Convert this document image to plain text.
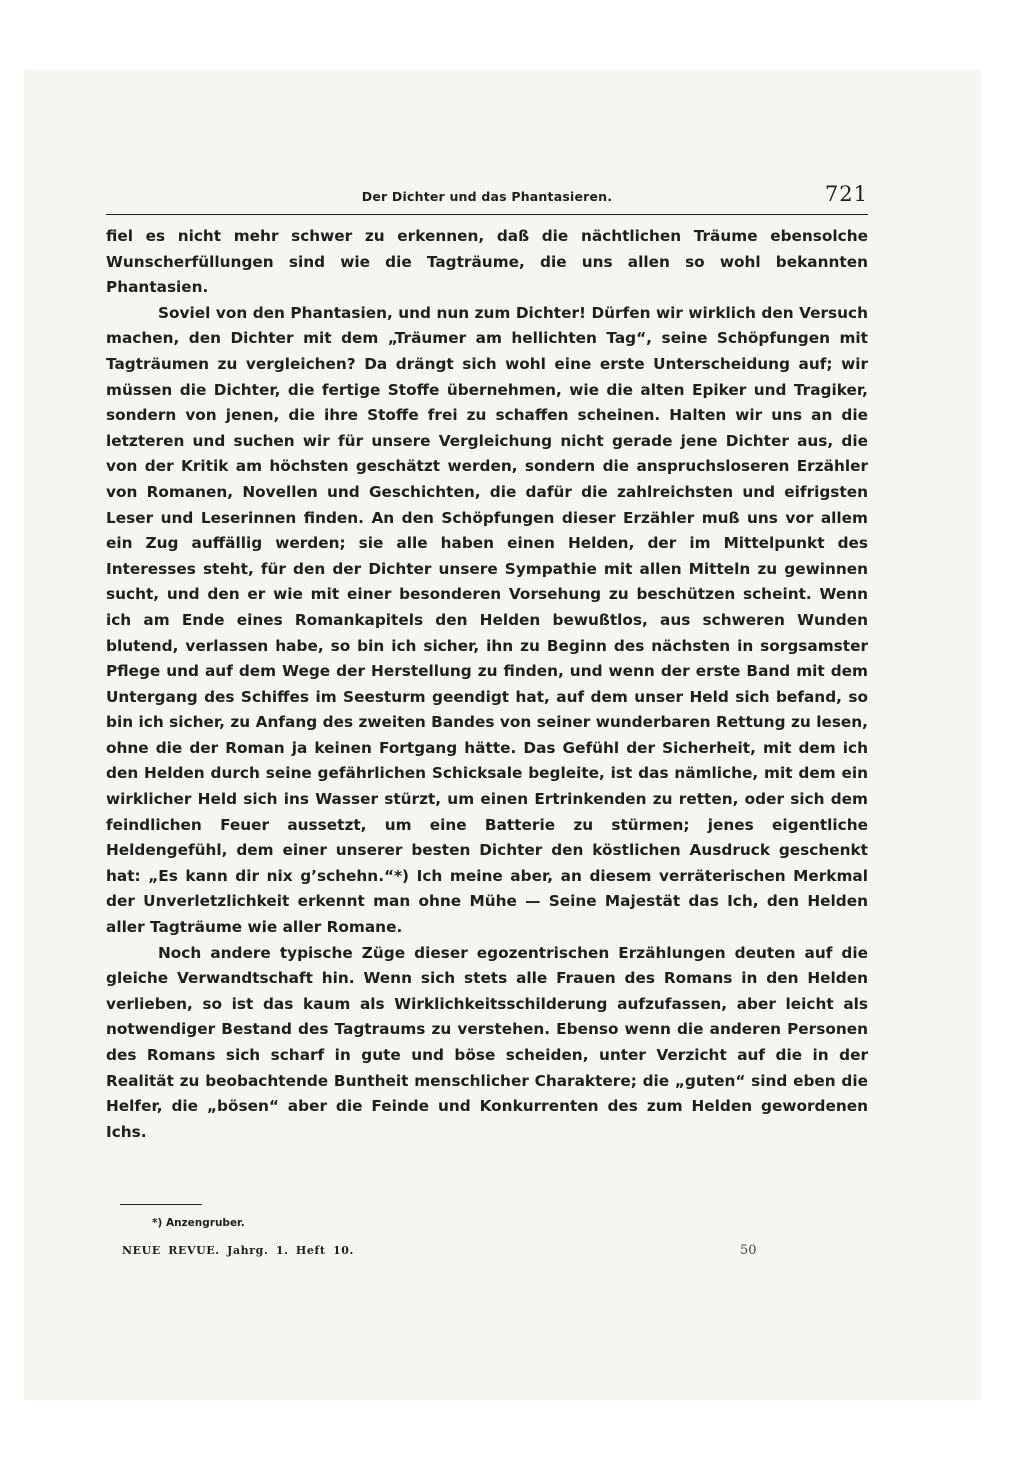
Der Dichter und das Phantasieren.	721

fiel es nicht mehr schwer zu erkennen, daß die nächtlichen Träume ebensolche Wunscherfüllungen sind wie die Tagträume, die uns allen so wohl bekannten Phantasien.

Soviel von den Phantasien, und nun zum Dichter! Dürfen wir wirklich den Versuch machen, den Dichter mit dem „Träumer am hellichten Tag“, seine Schöpfungen mit Tagträumen zu vergleichen? Da drängt sich wohl eine erste Unterscheidung auf; wir müssen die Dichter, die fertige Stoffe übernehmen, wie die alten Epiker und Tragiker, sondern von jenen, die ihre Stoffe frei zu schaffen scheinen. Halten wir uns an die letzteren und suchen wir für unsere Vergleichung nicht gerade jene Dichter aus, die von der Kritik am höchsten geschätzt werden, sondern die anspruchsloseren Erzähler von Romanen, Novellen und Geschichten, die dafür die zahlreichsten und eifrigsten Leser und Leserinnen finden. An den Schöpfungen dieser Erzähler muß uns vor allem ein Zug auffällig werden; sie alle haben einen Helden, der im Mittelpunkt des Interesses steht, für den der Dichter unsere Sympathie mit allen Mitteln zu gewinnen sucht, und den er wie mit einer besonderen Vorsehung zu beschützen scheint. Wenn ich am Ende eines Romankapitels den Helden bewußtlos, aus schweren Wunden blutend, verlassen habe, so bin ich sicher, ihn zu Beginn des nächsten in sorgsamster Pflege und auf dem Wege der Herstellung zu finden, und wenn der erste Band mit dem Untergang des Schiffes im Seesturm geendigt hat, auf dem unser Held sich befand, so bin ich sicher, zu Anfang des zweiten Bandes von seiner wunderbaren Rettung zu lesen, ohne die der Roman ja keinen Fortgang hätte. Das Gefühl der Sicherheit, mit dem ich den Helden durch seine gefährlichen Schicksale begleite, ist das nämliche, mit dem ein wirklicher Held sich ins Wasser stürzt, um einen Ertrinkenden zu retten, oder sich dem feindlichen Feuer aussetzt, um eine Batterie zu stürmen; jenes eigentliche Heldengefühl, dem einer unserer besten Dichter den köstlichen Ausdruck geschenkt hat: „Es kann dir nix g’schehn.“*) Ich meine aber, an diesem verräterischen Merkmal der Unverletzlichkeit erkennt man ohne Mühe — Seine Majestät das Ich, den Helden aller Tagträume wie aller Romane.

Noch andere typische Züge dieser egozentrischen Erzählungen deuten auf die gleiche Verwandtschaft hin. Wenn sich stets alle Frauen des Romans in den Helden verlieben, so ist das kaum als Wirklichkeitsschilderung aufzufassen, aber leicht als notwendiger Bestand des Tagtraums zu verstehen. Ebenso wenn die anderen Personen des Romans sich scharf in gute und böse scheiden, unter Verzicht auf die in der Realität zu beobachtende Buntheit menschlicher Charaktere; die „guten“ sind eben die Helfer, die „bösen“ aber die Feinde und Konkurrenten des zum Helden gewordenen Ichs.

*) Anzengruber.
NEUE REVUE. Jahrg. 1. Heft 10.	50
